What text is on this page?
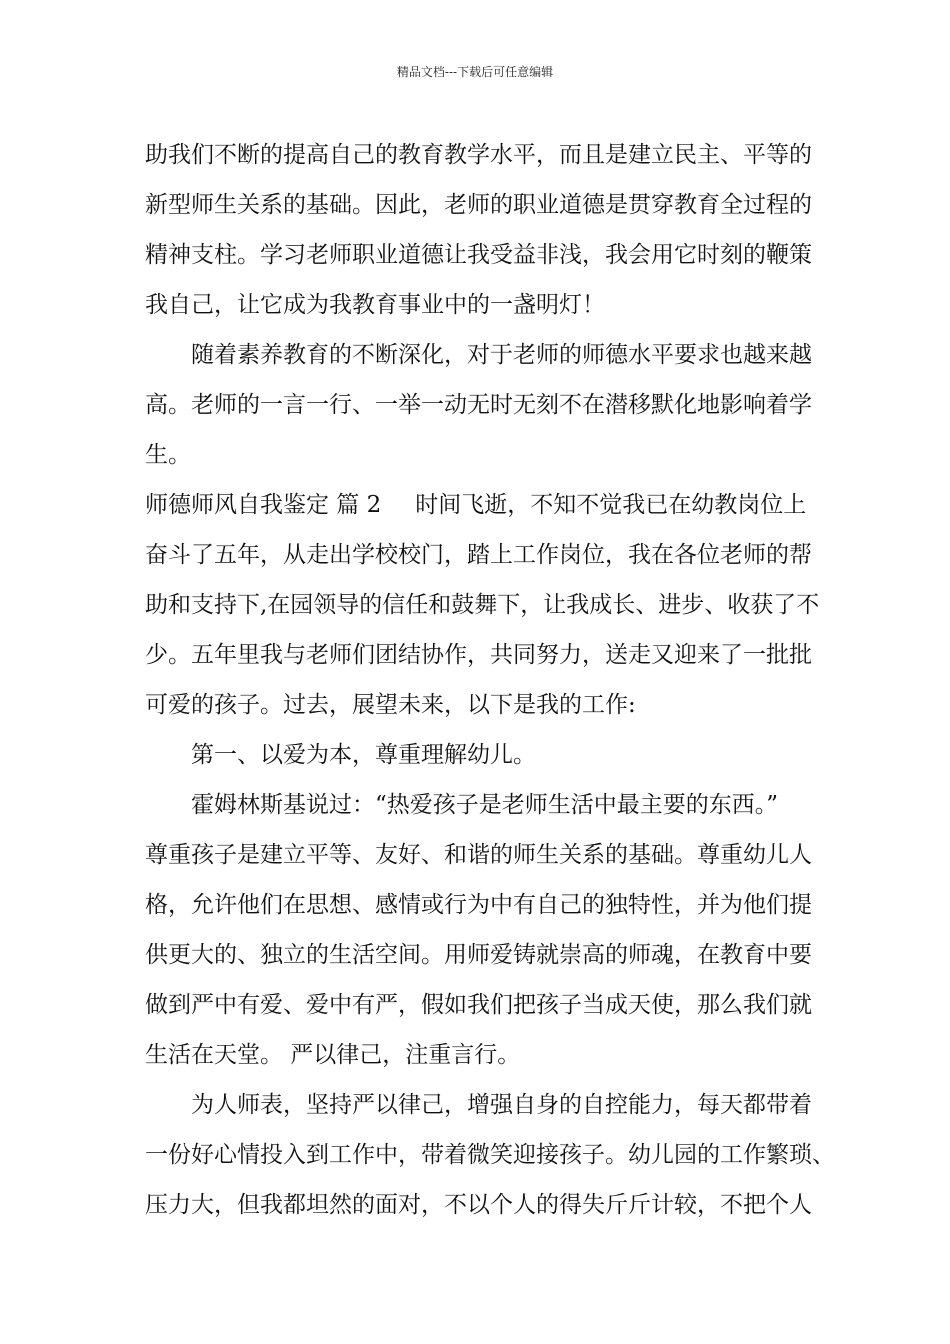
精品文档---下载后可任意编辑
助我们不断的提高自己的教育教学水平，而且是建立民主、平等的
新型师生关系的基础。因此，老师的职业道德是贯穿教育全过程的
精神支柱。学习老师职业道德让我受益非浅，我会用它时刻的鞭策
我自己，让它成为我教育事业中的一盏明灯！
随着素养教育的不断深化，对于老师的师德水平要求也越来越
高。老师的一言一行、一举一动无时无刻不在潜移默化地影响着学
生。
师德师风自我鉴定 篇 2 时间飞逝，不知不觉我已在幼教岗位上
奋斗了五年，从走出学校校门，踏上工作岗位，我在各位老师的帮
助和支持下,在园领导的信任和鼓舞下，让我成长、进步、收获了不
少。五年里我与老师们团结协作，共同努力，送走又迎来了一批批
可爱的孩子。过去，展望未来，以下是我的工作:
第一、以爱为本，尊重理解幼儿。
霍姆林斯基说过：“热爱孩子是老师生活中最主要的东西。”
尊重孩子是建立平等、友好、和谐的师生关系的基础。尊重幼儿人
格，允许他们在思想、感情或行为中有自己的独特性，并为他们提
供更大的、独立的生活空间。用师爱铸就崇高的师魂，在教育中要
做到严中有爱、爱中有严，假如我们把孩子当成天使，那么我们就
生活在天堂。 严以律己，注重言行。
为人师表，坚持严以律己，增强自身的自控能力，每天都带着
一份好心情投入到工作中，带着微笑迎接孩子。幼儿园的工作繁琐、
压力大，但我都坦然的面对，不以个人的得失斤斤计较，不把个人
